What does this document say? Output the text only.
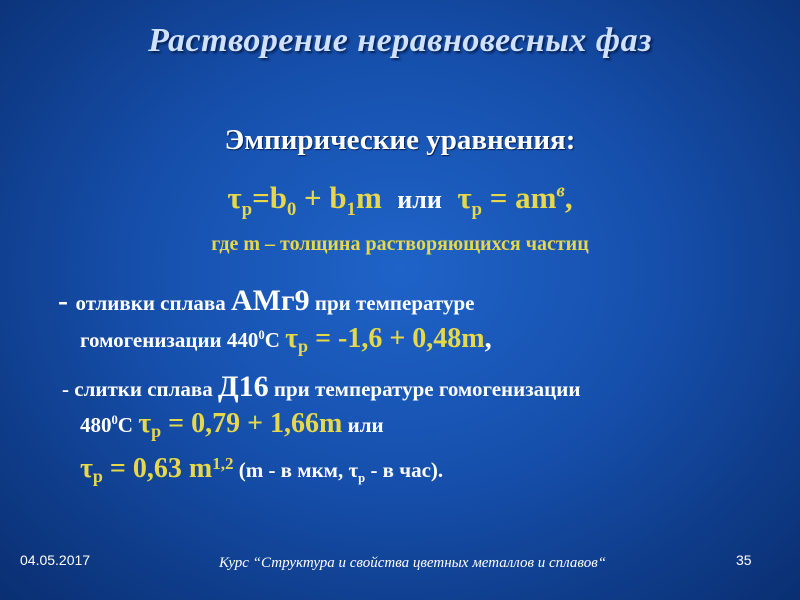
Растворение неравновесных фаз
Эмпирические уравнения:
$\tau_p=b_0 + b_1m$ или $\tau_p = am^в$,
где m – толщина растворяющихся частиц
- отливки сплава АМг9 при температуре
гомогенизации $440^0С$ $\tau_p = -1,6 + 0,48m$,
- слитки сплава Д16 при температуре гомогенизации
$480^0С$ $\tau_p = 0,79 + 1,66m$ или
$\tau_p = 0,63$ $m^{1,2}$ (m - в мкм, $\tau_p$ - в час).
04.05.2017	Курс “Структура и свойства цветных металлов и сплавов“	35
